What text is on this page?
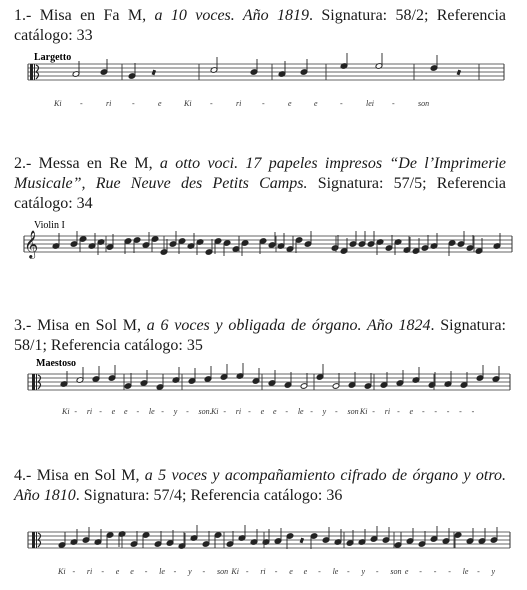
1.- Misa en Fa M, a 10 voces. Año 1819. Signatura: 58/2; Referencia catálogo: 33

Largetto
Ki -	ri	-	e	Ki -	ri	-	e	e	-	lei -	son

2.- Messa en Re M, a otto voci. 17 papeles impresos “De l’Imprimerie Musicale”, Rue Neuve des Petits Camps. Signatura: 57/5; Referencia catálogo: 34

Violin I
𝄞

3.- Misa en Sol M, a 6 voces y obligada de órgano. Año 1824. Signatura: 58/1; Referencia catálogo: 35

Maestoso
Ki - ri - e e - le - y - son. Ki - ri - e e - le - y - son Ki - ri - e - - - - -

4.- Misa en Sol M, a 5 voces y acompañamiento cifrado de órgano y otro. Año 1810. Signatura: 57/4; Referencia catálogo: 36

Ki - ri - e e - le - y - son Ki - ri - e e - le - y - son e - - - le - y
